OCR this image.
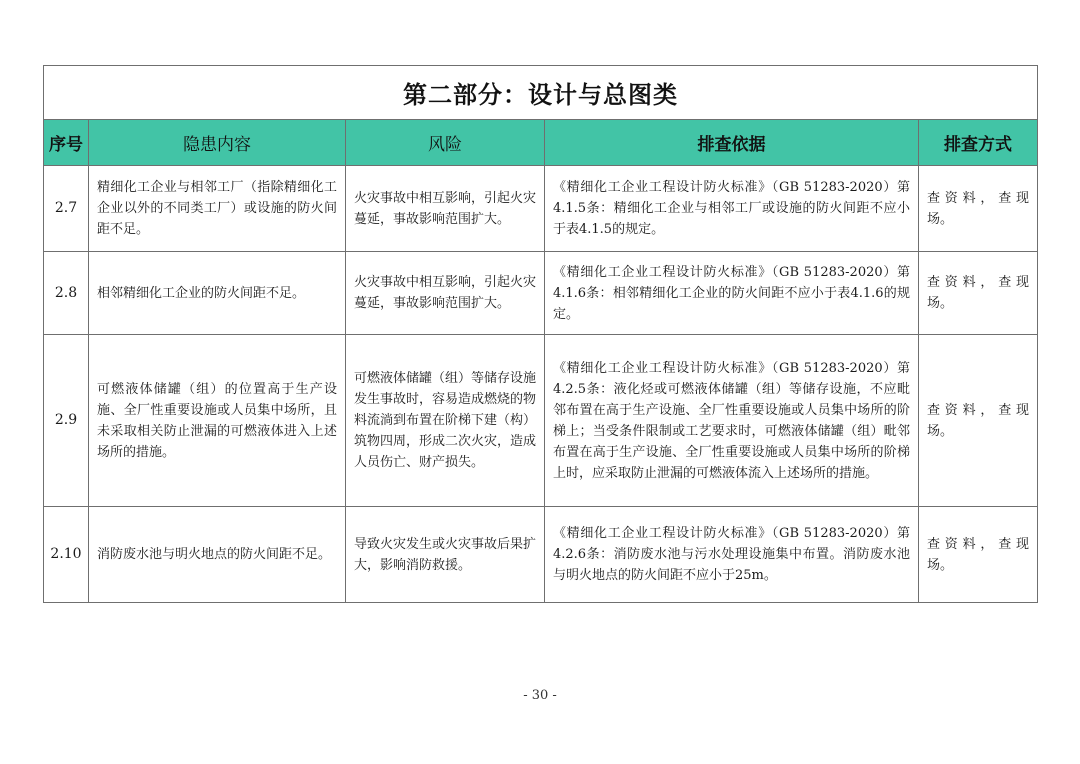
第二部分：设计与总图类				
序号	隐患内容	风险	排查依据	排查方式
2.7	精细化工企业与相邻工厂（指除精细化工企业以外的不同类工厂）或设施的防火间距不足。	火灾事故中相互影响，引起火灾蔓延，事故影响范围扩大。	《精细化工企业工程设计防火标准》（GB 51283-2020）第4.1.5条：精细化工企业与相邻工厂或设施的防火间距不应小于表4.1.5的规定。	查资料，查现场。
2.8	相邻精细化工企业的防火间距不足。	火灾事故中相互影响，引起火灾蔓延，事故影响范围扩大。	《精细化工企业工程设计防火标准》（GB 51283-2020）第4.1.6条：相邻精细化工企业的防火间距不应小于表4.1.6的规定。	查资料，查现场。
2.9	可燃液体储罐（组）的位置高于生产设施、全厂性重要设施或人员集中场所，且未采取相关防止泄漏的可燃液体进入上述场所的措施。	可燃液体储罐（组）等储存设施发生事故时，容易造成燃烧的物料流淌到布置在阶梯下建（构）筑物四周，形成二次火灾，造成人员伤亡、财产损失。	《精细化工企业工程设计防火标准》（GB 51283-2020）第4.2.5条：液化烃或可燃液体储罐（组）等储存设施，不应毗邻布置在高于生产设施、全厂性重要设施或人员集中场所的阶梯上；当受条件限制或工艺要求时，可燃液体储罐（组）毗邻布置在高于生产设施、全厂性重要设施或人员集中场所的阶梯上时，应采取防止泄漏的可燃液体流入上述场所的措施。	查资料，查现场。
2.10	消防废水池与明火地点的防火间距不足。	导致火灾发生或火灾事故后果扩大，影响消防救援。	《精细化工企业工程设计防火标准》（GB 51283-2020）第4.2.6条：消防废水池与污水处理设施集中布置。消防废水池与明火地点的防火间距不应小于25m。	查资料，查现场。
- 30 -
